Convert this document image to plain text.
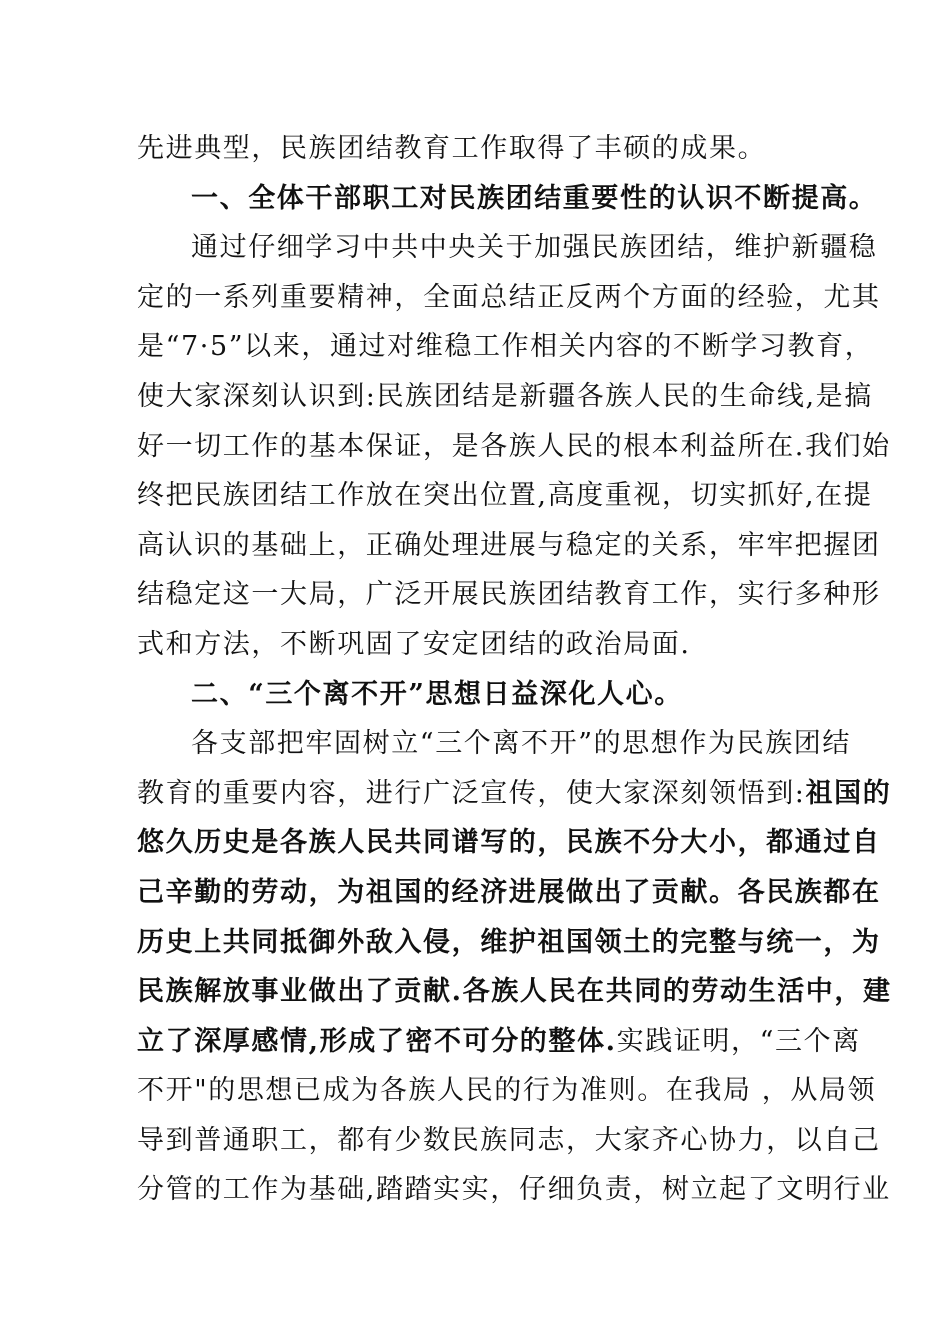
先进典型，民族团结教育工作取得了丰硕的成果。
一、全体干部职工对民族团结重要性的认识不断提高。
通过仔细学习中共中央关于加强民族团结，维护新疆稳
定的一系列重要精神，全面总结正反两个方面的经验，尤其
是“7·5”以来，通过对维稳工作相关内容的不断学习教育，
使大家深刻认识到:民族团结是新疆各族人民的生命线,是搞
好一切工作的基本保证，是各族人民的根本利益所在.我们始
终把民族团结工作放在突出位置,高度重视，切实抓好,在提
高认识的基础上，正确处理进展与稳定的关系，牢牢把握团
结稳定这一大局，广泛开展民族团结教育工作，实行多种形
式和方法，不断巩固了安定团结的政治局面.
二、“三个离不开”思想日益深化人心。
各支部把牢固树立“三个离不开”的思想作为民族团结
教育的重要内容，进行广泛宣传，使大家深刻领悟到:祖国的
悠久历史是各族人民共同谱写的，民族不分大小，都通过自
己辛勤的劳动，为祖国的经济进展做出了贡献。各民族都在
历史上共同抵御外敌入侵，维护祖国领土的完整与统一，为
民族解放事业做出了贡献.各族人民在共同的劳动生活中，建
立了深厚感情,形成了密不可分的整体.实践证明，“三个离
不开"的思想已成为各族人民的行为准则。在我局 ，从局领
导到普通职工，都有少数民族同志，大家齐心协力，以自己
分管的工作为基础,踏踏实实，仔细负责，树立起了文明行业
